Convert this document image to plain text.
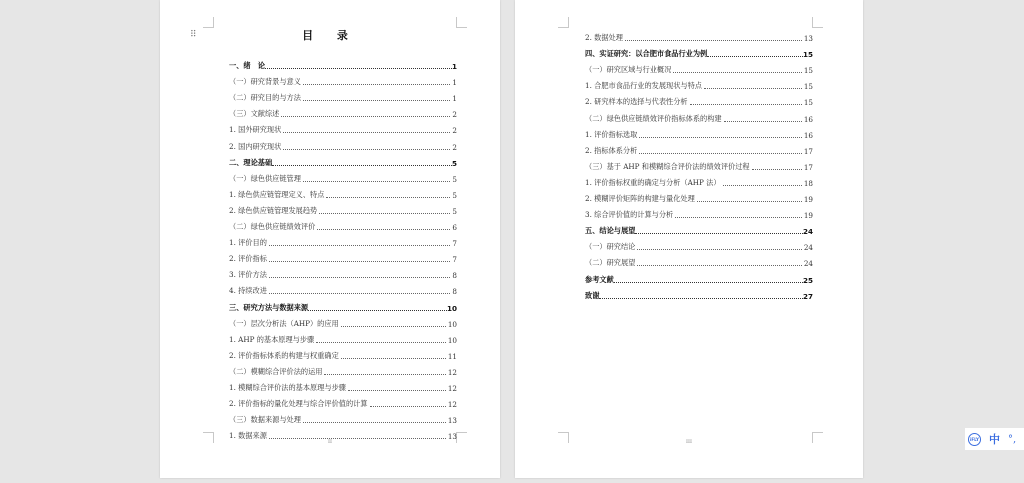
⠿	目 录
一、绪　论	1
（一）研究背景与意义	1
（二）研究目的与方法	1
（三）文献综述	2
1. 国外研究现状	2
2. 国内研究现状	2
二、理论基础	5
（一）绿色供应链管理	5
1. 绿色供应链管理定义、特点	5
2. 绿色供应链管理发展趋势	5
（二）绿色供应链绩效评价	6
1. 评价目的	7
2. 评价指标	7
3. 评价方法	8
4. 持续改进	8
三、研究方法与数据来源	10
（一）层次分析法（AHP）的应用	10
1. AHP 的基本原理与步骤	10
2. 评价指标体系的构建与权重确定	11
（二）模糊综合评价法的运用	12
1. 模糊综合评价法的基本原理与步骤	12
2. 评价指标的量化处理与综合评价值的计算	12
（三）数据来源与处理	13
1. 数据来源	13
II
2. 数据处理	13
四、实证研究：以合肥市食品行业为例	15
（一）研究区域与行业概况	15
1. 合肥市食品行业的发展现状与特点	15
2. 研究样本的选择与代表性分析	15
（二）绿色供应链绩效评价指标体系的构建	16
1. 评价指标选取	16
2. 指标体系分析	17
（三）基于 AHP 和模糊综合评价法的绩效评价过程	17
1. 评价指标权重的确定与分析（AHP 法）	18
2. 模糊评价矩阵的构建与量化处理	19
3. 综合评价值的计算与分析	19
五、结论与展望	24
（一）研究结论	24
（二）研究展望	24
参考文献	25
致谢	27
III	iFLY 中 °,
